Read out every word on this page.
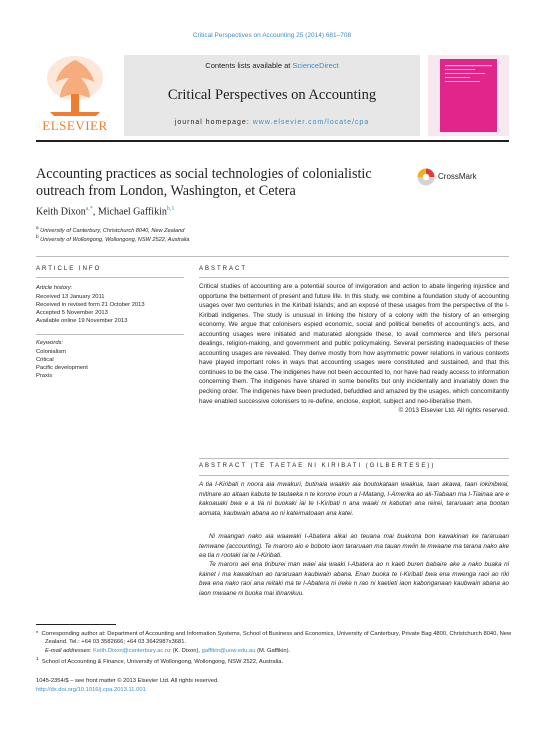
Critical Perspectives on Accounting 25 (2014) 681–708
ELSEVIER
Contents lists available at ScienceDirect
Critical Perspectives on Accounting
journal homepage: www.elsevier.com/locate/cpa
Accounting practices as social technologies of colonialistic
outreach from London, Washington, et Cetera
CrossMark
Keith Dixon$^{a,*}$, Michael Gaffikin$^{b,1}$
$^a$ University of Canterbury, Christchurch 8040, New Zealand
$^b$ University of Wollongong, Wollongong, NSW 2522, Australia
ARTICLE INFO
Article history:
Received 13 January 2011
Received in revised form 21 October 2013
Accepted 5 November 2013
Available online 19 November 2013
Keywords:
Colonialism
Critical
Pacific development
Praxis
ABSTRACT
Critical studies of accounting are a potential source of invigoration and action to abate lingering injustice and opportune the betterment of present and future life. In this study, we combine a foundation study of accounting usages over two centuries in the Kiribati Islands; and an exposé of these usages from the perspective of the I-Kiribati indigenes. The study is unusual in linking the history of a colony with the history of an emerging economy. We argue that colonisers espied economic, social and political benefits of accounting's acts, and accounting usages were initiated and maturated alongside these, to avail commerce and life's personal dealings, religion-making, and government and public policymaking. Several persisting inadequacies of these accounting usages are revealed. They derive mostly from how asymmetric power relations in various contexts have played important roles in ways that accounting usages were constituted and sustained, and that this continues to be the case. The indigenes have not been accounted to, nor have had ready access to information concerning them. The indigenes have shared in some benefits but only incidentally and invariably down the pecking order. The indigenes have been precluded, befuddled and amazed by the usages, which concomitantly have enabled successive colonisers to re-define, enclose, exploit, subject and neo-liberalise them.
© 2013 Elsevier Ltd. All rights reserved.
ABSTRACT (TE TAETAE NI KIRIBATI (GILBERTESE))
A tia I-Kiribati n noora aia mwakuri, butinaia waakin aia boutokataan waakua, taan akawa, taan iokinibwai, mitinare ao aitaan kabuta te tautaeka n te korone iroun a I-Matang, I-Amerika ao ali-Tiabaan ma I-Tiainaa are e kakoauaki bwa e a tia ni buokaki iai te I-Kiribati n ana waaki ni kabutan ana reirei, tararuaan ana bootan aomata, kaubwain abana ao ni kateimatoaan ana katei.
Ni maangan nako aia waawaki I-Abatera aikai ao teuana mai buakona bon kawakinan ke tararuaan temwane (accounting). Te maroro aio e boboto iaon tararuaan ma tauan mwiin te mwaane ma tarana nako ake ea tia n rootaki iai te I-Kiribati.
Te maroro aei ena tiriburei man waei aia waaki I-Abatera ao n kaeti buren babaire ake a nako buaka ni kainet i ma kawakinan ao tararuaan kaubwain abana. Enan buoka te I-Kiribati bwa ena mwenga raoi ao riki bwa ena nako raoi ana reitaki ma te I-Abatera ni ireke n rao ni kaetieti iaon kabonganaan kaubwain abana ao iaon mwaane ni buoka mai itinanikuu.
* Corresponding author at: Department of Accounting and Information Systems, School of Business and Economics, University of Canterbury, Private Bag 4800, Christchurch 8040, New Zealand. Tel.: +64 03 3582666; +64 03 3642987x3681.
E-mail addresses: Keith.Dixon@canterbury.ac.nz (K. Dixon), gaffikin@uow.edu.au (M. Gaffikin).
$^1$ School of Accounting & Finance, University of Wollongong, Wollongong, NSW 2522, Australia.
1045-2354/$ – see front matter © 2013 Elsevier Ltd. All rights reserved.
http://dx.doi.org/10.1016/j.cpa.2013.11.001
